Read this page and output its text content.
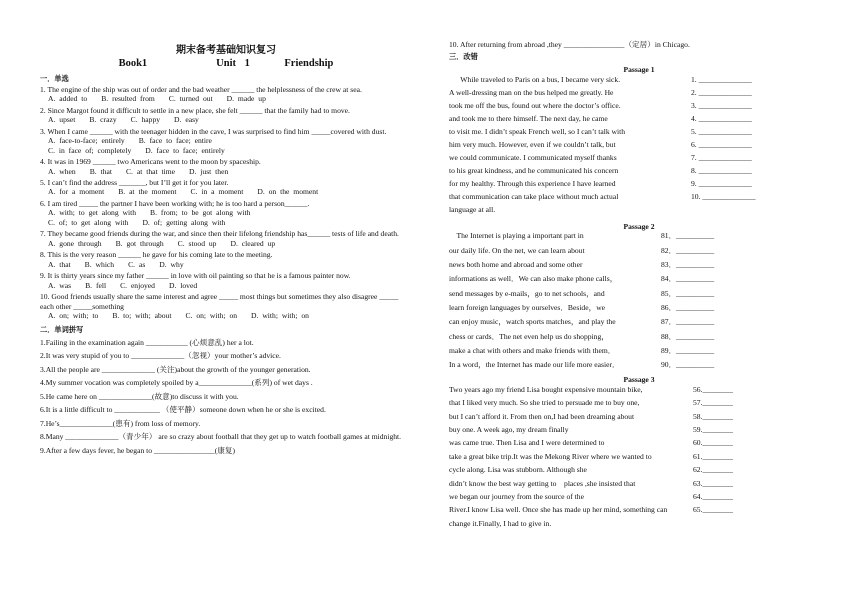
期末备考基础知识复习
Book1        Unit 1    Friendship
一．单选
1. The engine of the ship was out of order and the bad weather ______ the helplessness of the crew at sea.
A. added to B. resulted from C. turned out D. made up
2. Since Margot found it difficult to settle in a new place, she felt ______ that the family had to move.
A. upset B. crazy C. happy D. easy
3. When I came ______ with the teenager hidden in the cave, I was surprised to find him _____covered with dust.
A. face-to-face; entirely B. face to face; entire
C. in face of; completely D. face to face; entirely
4. It was in 1969 ______ two Americans went to the moon by spaceship.
A. when B. that C. at that time D. just then
5. I can’t find the address _______, but I’ll get it for you later.
A. for a moment B. at the moment C. in a moment D. on the moment
6. I am tired _____ the partner I have been working with; he is too hard a person______.
A. with; to get along with B. from; to be got along with
C. of; to get along with D. of; getting along with
7. They became good friends during the war, and since then their lifelong friendship has______ tests of life and death.
A. gone through B. got through C. stood up D. cleared up
8. This is the very reason ______ he gave for his coming late to the meeting.
A. that B. which C. as D. why
9. It is thirty years since my father ______ in love with oil painting so that he is a famous painter now.
A. was B. fell C. enjoyed D. loved
10. Good friends usually share the same interest and agree _____ most things but sometimes they also disagree _____ each other _____something
A. on; with; to B. to; with; about C. on; with; on D. with; with; on
二．单词拼写
1.Failing in the examination again ___________ (心烦意乱) her a lot.
2.It was very stupid of you to ______________（忽视）your mother’s advice.
3.All the people are ______________ (关注)about the growth of the younger generation.
4.My summer vocation was completely spoiled by a______________(系列) of wet days .
5.He came here on ______________(故意)to discuss it with you.
6.It is a little difficult to ____________ （使平静）someone down when he or she is excited.
7.He’s______________(患有) from loss of memory.
8.Many ______________（青少年） are so crazy about football that they get up to watch football games at midnight.
9.After a few days fever, he began to ________________(康复)
10. After returning from abroad ,they ________________（定居）in Chicago.
三．改错
Passage 1
While traveled to Paris on a bus, I became very sick.	1. ______________
A well-dressing man on the bus helped me greatly. He	2. ______________
took me off the bus, found out where the doctor’s office.	3. ______________
and took me to there himself. The next day, he came	4. ______________
to visit me. I didn’t speak French well, so I can’t talk with	5. ______________
him very much. However, even if we couldn’t talk, but	6. ______________
we could communicate. I communicated myself thanks	7. ______________
to his great kindness, and he communicated his concern	8. ______________
for my healthy. Through this experience I have learned	9. ______________
that communication can take place without much actual	10. ______________
language at all.
Passage 2
The Internet is playing a important part in	81．__________
our daily life. On the net, we can learn about	82．__________
news both home and abroad and some other	83．__________
informations as well．We can also make phone calls，	84．__________
send messages by e-mails，go to net schools，and	85．__________
learn foreign languages by ourselves．Beside，we	86．__________
can enjoy music，watch sports matches，and play the	87．__________
chess or cards．The net even help us do shopping，	88．__________
make a chat with others and make friends with them．	89．__________
In a word，the Internet has made our life more easier．	90．__________
Passage 3
Two years ago my friend Lisa bought expensive mountain bike,	56.________
that I liked very much. So she tried to persuade me to buy one,	57.________
but I can’t afford it. From then on,I had been dreaming about	58.________
buy one. A week ago, my dream finally	59.________
was came true. Then Lisa and I were determined to	60.________
take a great bike trip.It was the Mekong River where we wanted to	61.________
cycle along. Lisa was stubborn. Although she	62.________
didn’t know the best way getting to    places ,she insisted that	63.________
we began our journey from the source of the	64.________
River.I know Lisa well. Once she has made up her mind, something can	65.________
change it.Finally, I had to give in.
